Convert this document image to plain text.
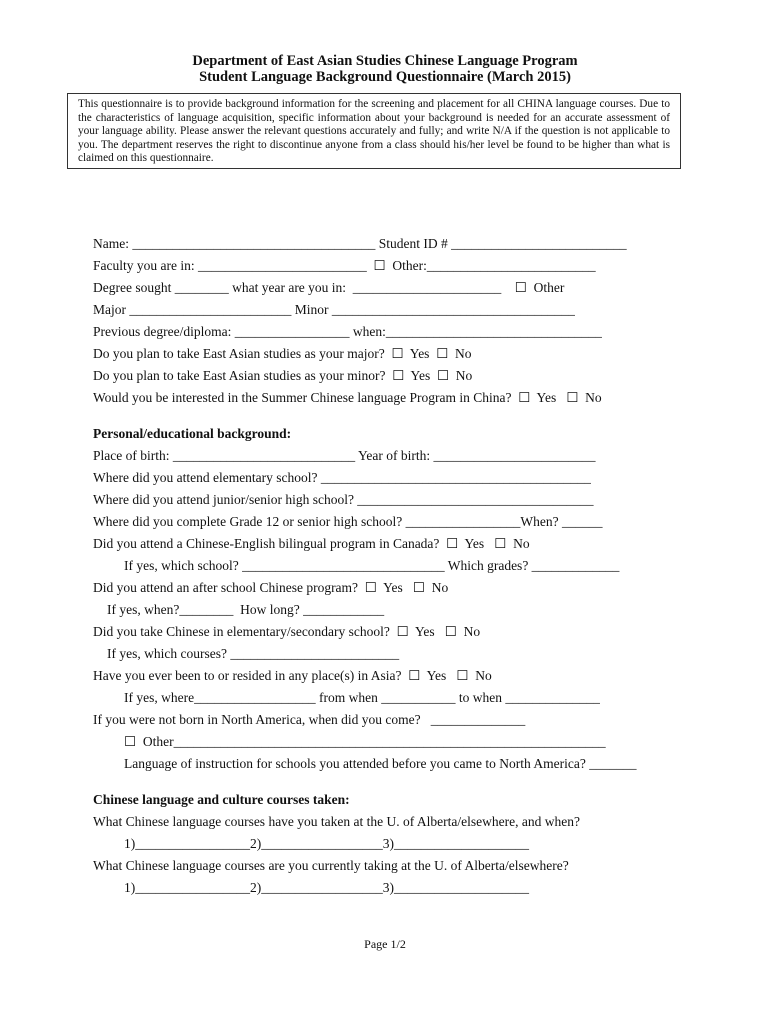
Department of East Asian Studies Chinese Language Program
Student Language Background Questionnaire (March 2015)
This questionnaire is to provide background information for the screening and placement for all CHINA language courses. Due to the characteristics of language acquisition, specific information about your background is needed for an accurate assessment of your language ability. Please answer the relevant questions accurately and fully; and write N/A if the question is not applicable to you. The department reserves the right to discontinue anyone from a class should his/her level be found to be higher than what is claimed on this questionnaire.
Name: ____________________________________ Student ID # __________________________
Faculty you are in: _________________________  ☐  Other:_________________________
Degree sought ________ what year are you in:  ______________________    ☐  Other
Major ________________________ Minor ____________________________________
Previous degree/diploma: _________________ when:________________________________
Do you plan to take East Asian studies as your major?  ☐  Yes  ☐  No
Do you plan to take East Asian studies as your minor?  ☐  Yes  ☐  No
Would you be interested in the Summer Chinese language Program in China?  ☐  Yes   ☐  No
Personal/educational background:
Place of birth: ___________________________ Year of birth: ________________________
Where did you attend elementary school? ________________________________________
Where did you attend junior/senior high school? ___________________________________
Where did you complete Grade 12 or senior high school? _________________When? ______
Did you attend a Chinese-English bilingual program in Canada?  ☐  Yes   ☐  No
If yes, which school? ______________________________ Which grades? _____________
Did you attend an after school Chinese program?  ☐  Yes   ☐  No
If yes, when?________  How long? ____________
Did you take Chinese in elementary/secondary school?  ☐  Yes   ☐  No
If yes, which courses? _________________________
Have you ever been to or resided in any place(s) in Asia?  ☐  Yes   ☐  No
If yes, where__________________ from when ___________ to when ______________
If you were not born in North America, when did you come?   ______________
☐  Other________________________________________________________________
Language of instruction for schools you attended before you came to North America? _______
Chinese language and culture courses taken:
What Chinese language courses have you taken at the U. of Alberta/elsewhere, and when?
1)_________________2)__________________3)____________________
What Chinese language courses are you currently taking at the U. of Alberta/elsewhere?
1)_________________2)__________________3)____________________
Page 1/2
